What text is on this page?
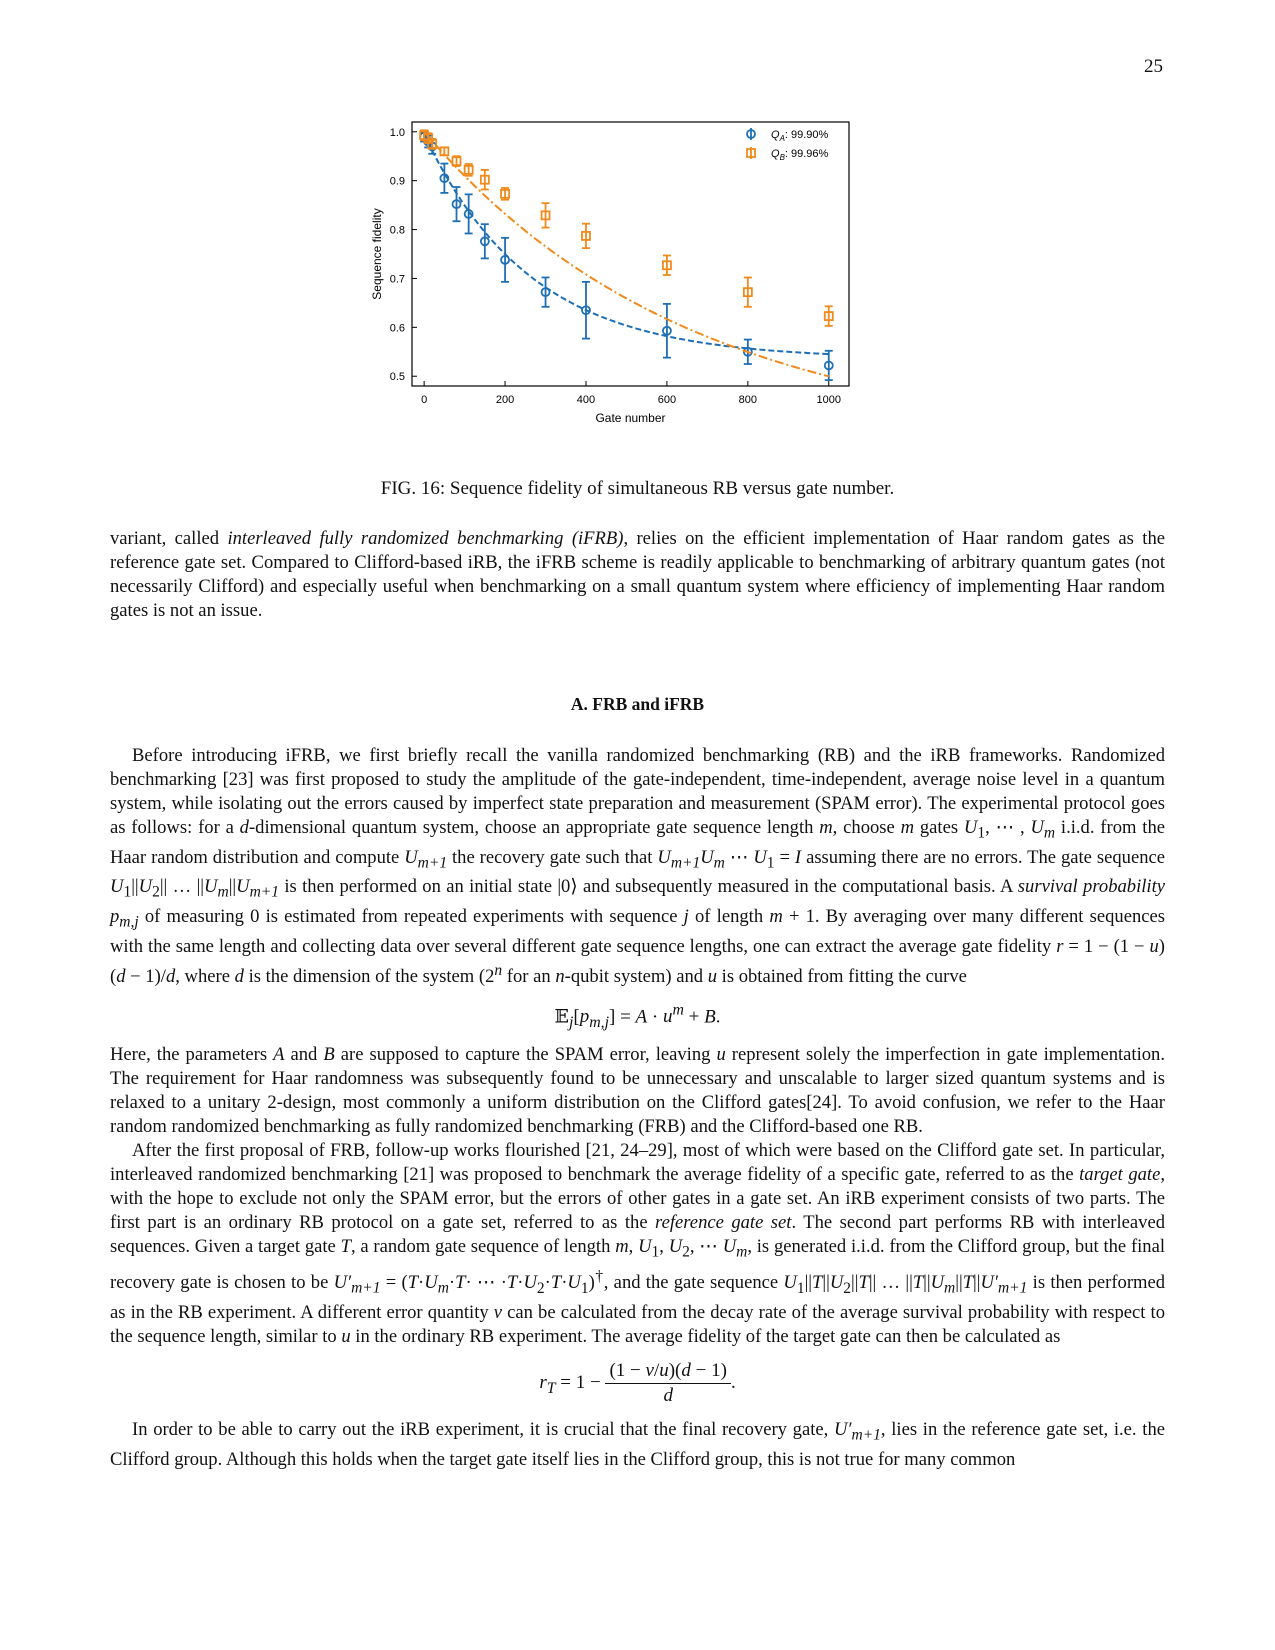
25
0	200	400	600	800	1000
0.5
0.6
0.7
0.8
0.9
1.0
Gate number
Sequence fidelity
$Q_A$: 99.90%
$Q_B$: 99.96%
FIG. 16: Sequence fidelity of simultaneous RB versus gate number.

variant, called interleaved fully randomized benchmarking (iFRB), relies on the efficient implementation of Haar random gates as the reference gate set. Compared to Clifford-based iRB, the iFRB scheme is readily applicable to benchmarking of arbitrary quantum gates (not necessarily Clifford) and especially useful when benchmarking on a small quantum system where efficiency of implementing Haar random gates is not an issue.

A. FRB and iFRB

Before introducing iFRB, we first briefly recall the vanilla randomized benchmarking (RB) and the iRB frameworks. Randomized benchmarking [23] was first proposed to study the amplitude of the gate-independent, time-independent, average noise level in a quantum system, while isolating out the errors caused by imperfect state preparation and measurement (SPAM error). The experimental protocol goes as follows: for a d-dimensional quantum system, choose an appropriate gate sequence length m, choose m gates $U_1$, ⋯ , $U_m$ i.i.d. from the Haar random distribution and compute $U_{m+1}$ the recovery gate such that $U_{m+1}U_m$ ⋯ $U_1 = I$ assuming there are no errors. The gate sequence $U_1||U_2||$ … $||U_m||U_{m+1}$ is then performed on an initial state |0⟩ and subsequently measured in the computational basis. A survival probability $p_{m,j}$ of measuring 0 is estimated from repeated experiments with sequence j of length m + 1. By averaging over many different sequences with the same length and collecting data over several different gate sequence lengths, one can extract the average gate fidelity r = 1 − (1 − u)(d − 1)/d, where d is the dimension of the system (2$^n$ for an n-qubit system) and u is obtained from fitting the curve

$𝔼_j[p_{m,j}] = A \cdot u^m + B$.

Here, the parameters A and B are supposed to capture the SPAM error, leaving u represent solely the imperfection in gate implementation. The requirement for Haar randomness was subsequently found to be unnecessary and unscalable to larger sized quantum systems and is relaxed to a unitary 2-design, most commonly a uniform distribution on the Clifford gates[24]. To avoid confusion, we refer to the Haar random randomized benchmarking as fully randomized benchmarking (FRB) and the Clifford-based one RB.

After the first proposal of FRB, follow-up works flourished [21, 24–29], most of which were based on the Clifford gate set. In particular, interleaved randomized benchmarking [21] was proposed to benchmark the average fidelity of a specific gate, referred to as the target gate, with the hope to exclude not only the SPAM error, but the errors of other gates in a gate set. An iRB experiment consists of two parts. The first part is an ordinary RB protocol on a gate set, referred to as the reference gate set. The second part performs RB with interleaved sequences. Given a target gate T, a random gate sequence of length m, $U_1$, $U_2$, ⋯ $U_m$, is generated i.i.d. from the Clifford group, but the final recovery gate is chosen to be $U'_{m+1} = (T\cdot U_m\cdot T\cdot$ ⋯ $\cdot T\cdot U_2\cdot T\cdot U_1)^\dagger$, and the gate sequence $U_1||T||U_2||T||$ … $||T||U_m||T||U'_{m+1}$ is then performed as in the RB experiment. A different error quantity v can be calculated from the decay rate of the average survival probability with respect to the sequence length, similar to u in the ordinary RB experiment. The average fidelity of the target gate can then be calculated as

$r_T = 1 - \frac{(1 - v/u)(d - 1)}{d}$ .

In order to be able to carry out the iRB experiment, it is crucial that the final recovery gate, $U'_{m+1}$, lies in the reference gate set, i.e. the Clifford group. Although this holds when the target gate itself lies in the Clifford group, this is not true for many common
